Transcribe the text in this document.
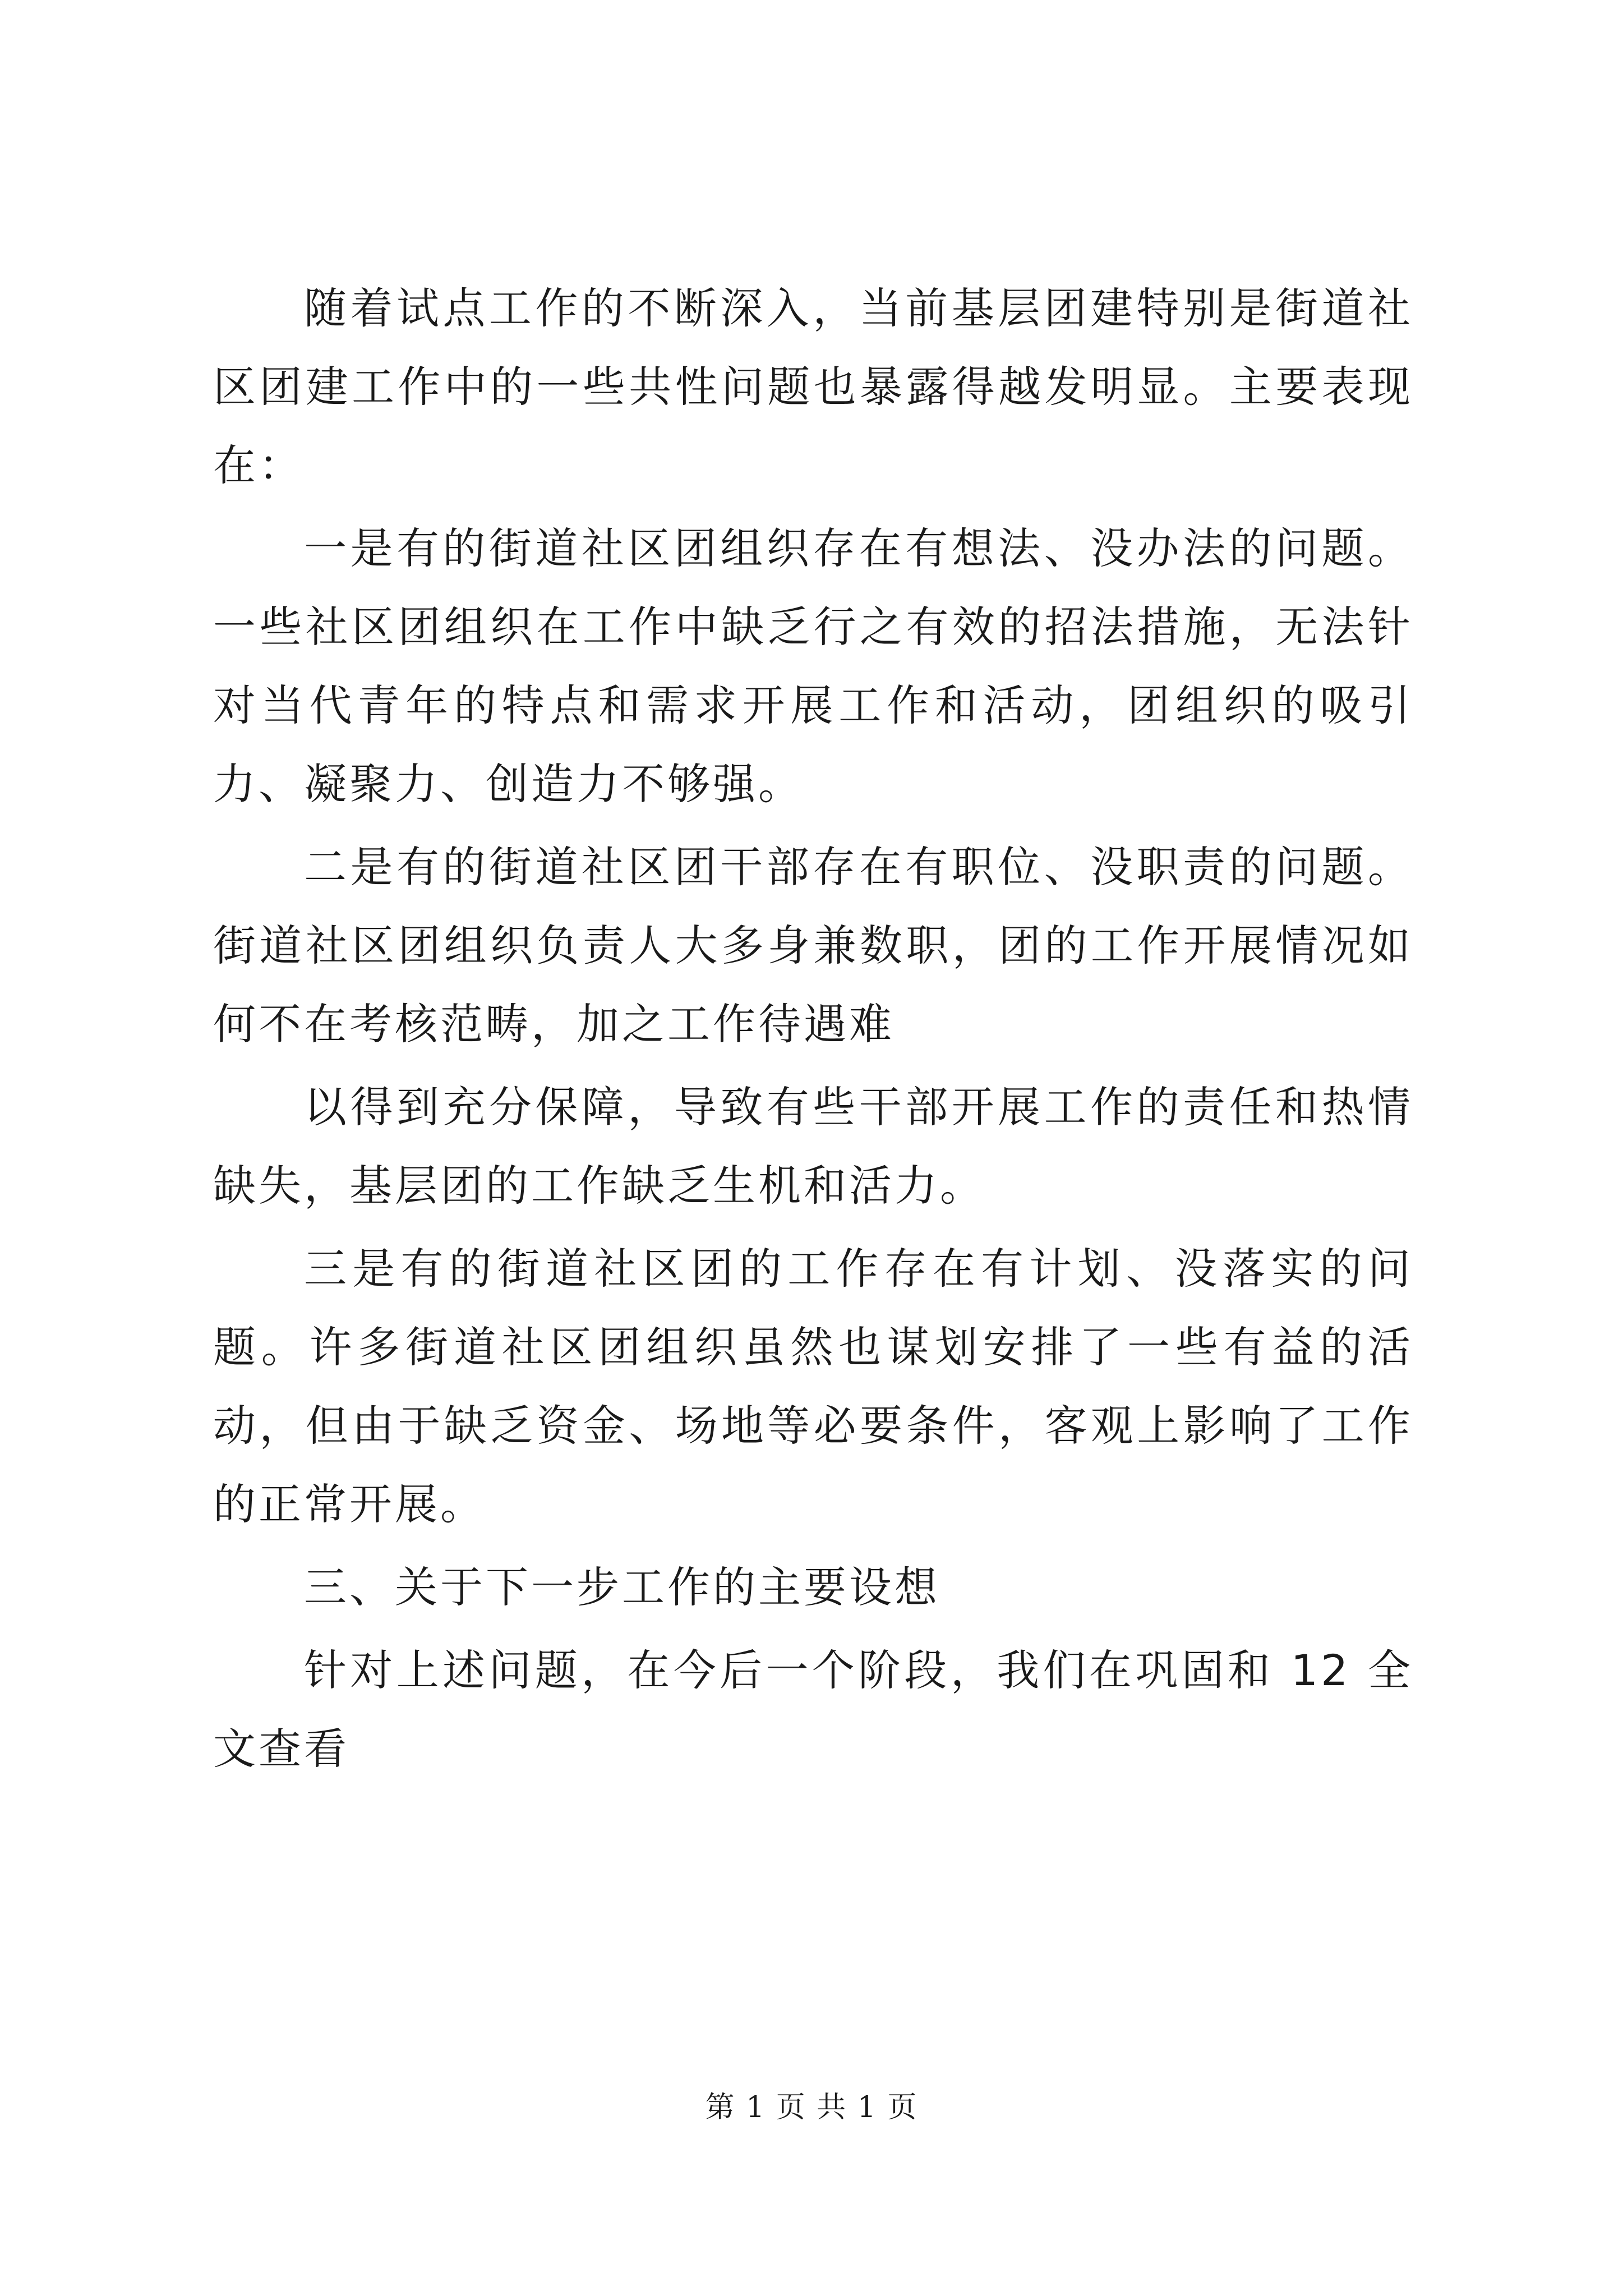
随着试点工作的不断深入，当前基层团建特别是街道社区团建工作中的一些共性问题也暴露得越发明显。主要表现在：

一是有的街道社区团组织存在有想法、没办法的问题。一些社区团组织在工作中缺乏行之有效的招法措施，无法针对当代青年的特点和需求开展工作和活动，团组织的吸引力、凝聚力、创造力不够强。

二是有的街道社区团干部存在有职位、没职责的问题。街道社区团组织负责人大多身兼数职，团的工作开展情况如何不在考核范畴，加之工作待遇难

以得到充分保障，导致有些干部开展工作的责任和热情缺失，基层团的工作缺乏生机和活力。

三是有的街道社区团的工作存在有计划、没落实的问题。许多街道社区团组织虽然也谋划安排了一些有益的活动，但由于缺乏资金、场地等必要条件，客观上影响了工作的正常开展。

三、关于下一步工作的主要设想

针对上述问题，在今后一个阶段，我们在巩固和 12 全文查看

第 1 页 共 1 页
